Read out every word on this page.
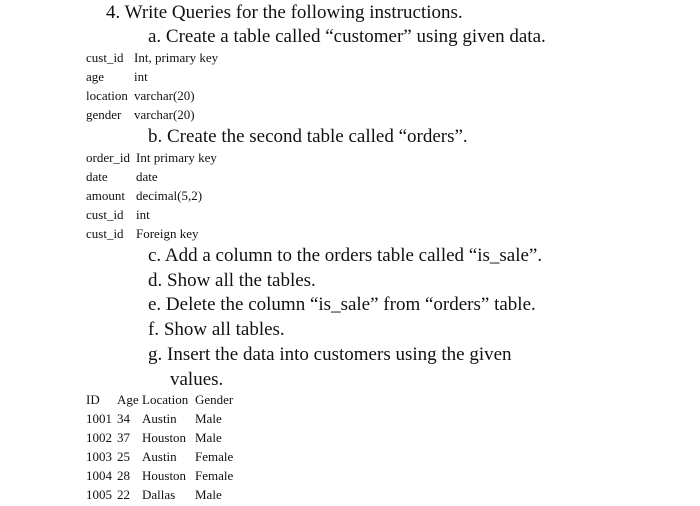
4. Write Queries for the following instructions.
a. Create a table called “customer” using given data.
cust_id Int, primary key
age int
location varchar(20)
gender varchar(20)
b. Create the second table called “orders”.
order_id Int primary key
date date
amount decimal(5,2)
cust_id int
cust_id Foreign key
c. Add a column to the orders table called “is_sale”.
d. Show all the tables.
e. Delete the column “is_sale” from “orders” table.
f. Show all tables.
g. Insert the data into customers using the given
values.
ID Age Location Gender
1001 34 Austin Male
1002 37 Houston Male
1003 25 Austin Female
1004 28 Houston Female
1005 22 Dallas Male
